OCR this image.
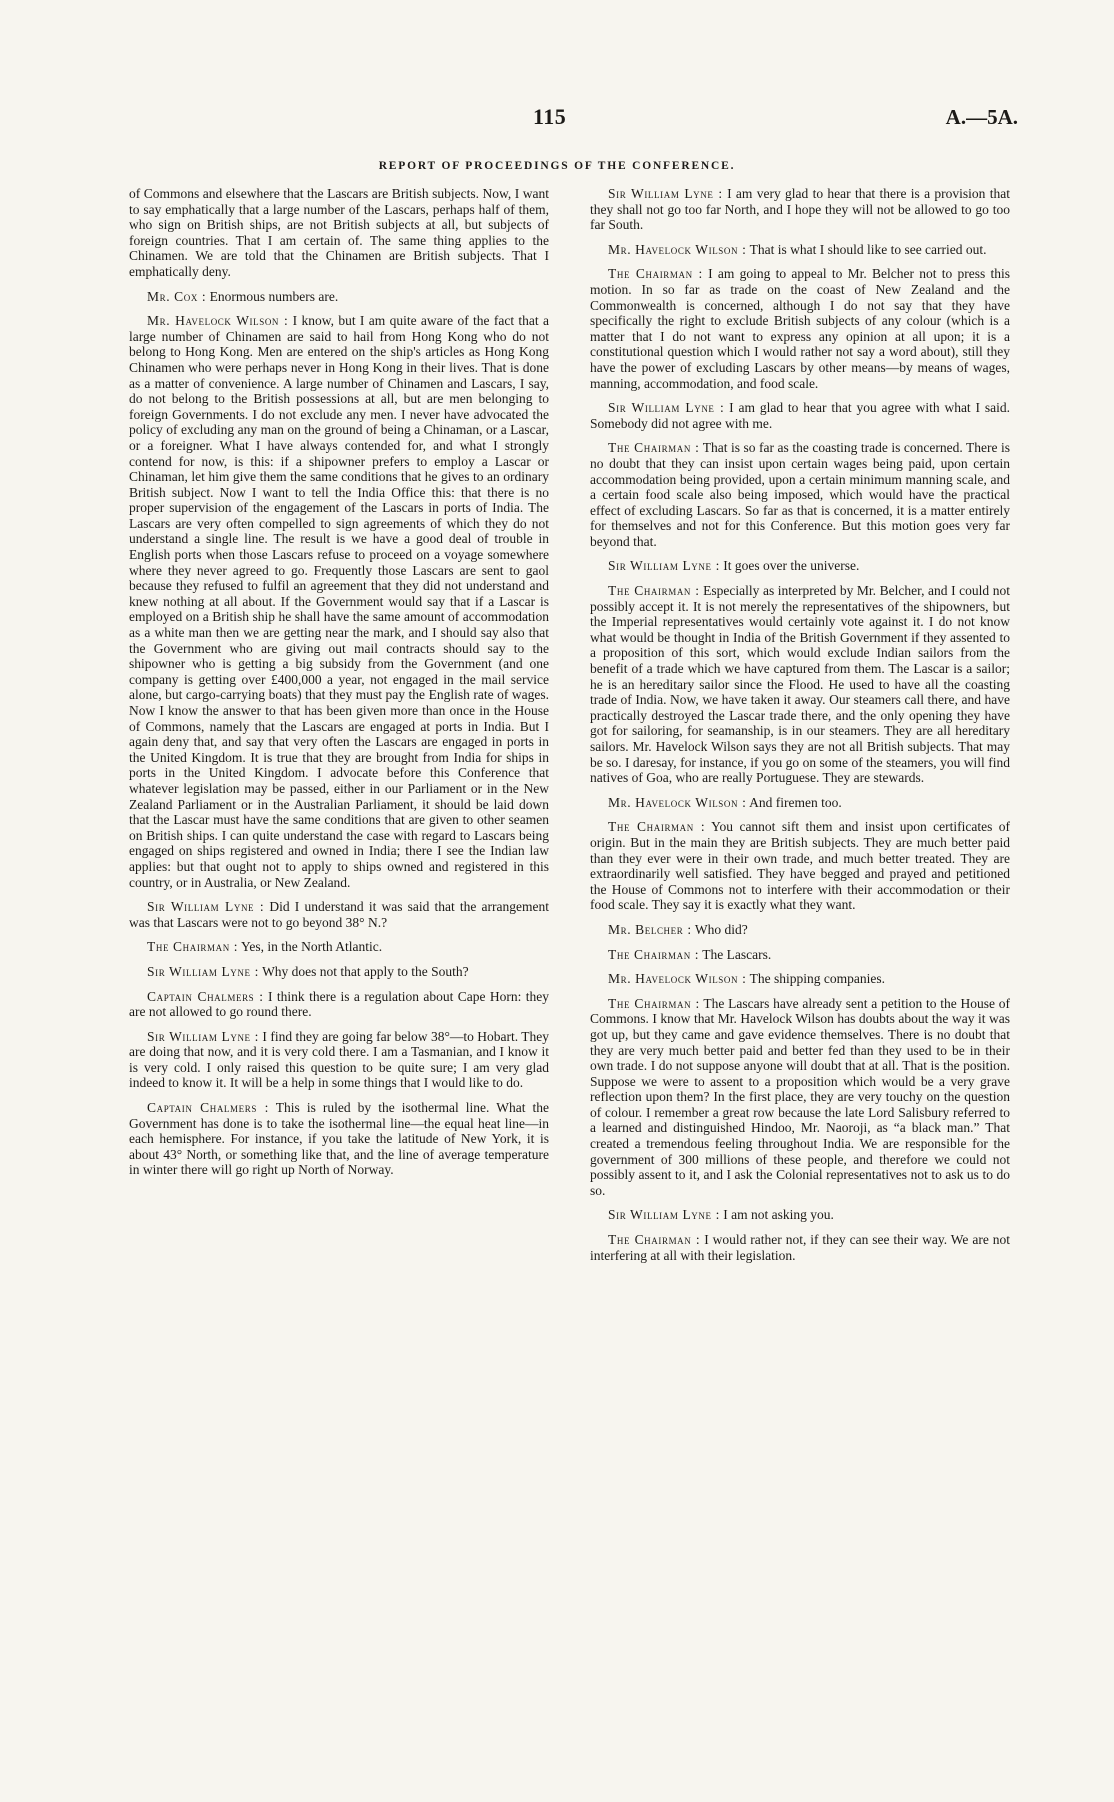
115	A.—5A.
REPORT OF PROCEEDINGS OF THE CONFERENCE.

of Commons and elsewhere that the Lascars are British subjects. Now, I want to say emphatically that a large number of the Lascars, perhaps half of them, who sign on British ships, are not British subjects at all, but subjects of foreign countries. That I am certain of. The same thing applies to the Chinamen. We are told that the Chinamen are British subjects. That I emphatically deny.

Mr. Cox : Enormous numbers are.

Mr. Havelock Wilson : I know, but I am quite aware of the fact that a large number of Chinamen are said to hail from Hong Kong who do not belong to Hong Kong. Men are entered on the ship's articles as Hong Kong Chinamen who were perhaps never in Hong Kong in their lives. That is done as a matter of convenience. A large number of Chinamen and Lascars, I say, do not belong to the British possessions at all, but are men belonging to foreign Governments. I do not exclude any men. I never have advocated the policy of excluding any man on the ground of being a Chinaman, or a Lascar, or a foreigner. What I have always contended for, and what I strongly contend for now, is this: if a shipowner prefers to employ a Lascar or Chinaman, let him give them the same conditions that he gives to an ordinary British subject. Now I want to tell the India Office this: that there is no proper supervision of the engagement of the Lascars in ports of India. The Lascars are very often compelled to sign agreements of which they do not understand a single line. The result is we have a good deal of trouble in English ports when those Lascars refuse to proceed on a voyage somewhere where they never agreed to go. Frequently those Lascars are sent to gaol because they refused to fulfil an agreement that they did not understand and knew nothing at all about. If the Government would say that if a Lascar is employed on a British ship he shall have the same amount of accommodation as a white man then we are getting near the mark, and I should say also that the Government who are giving out mail contracts should say to the shipowner who is getting a big subsidy from the Government (and one company is getting over £400,000 a year, not engaged in the mail service alone, but cargo-carrying boats) that they must pay the English rate of wages. Now I know the answer to that has been given more than once in the House of Commons, namely that the Lascars are engaged at ports in India. But I again deny that, and say that very often the Lascars are engaged in ports in the United Kingdom. It is true that they are brought from India for ships in ports in the United Kingdom. I advocate before this Conference that whatever legislation may be passed, either in our Parliament or in the New Zealand Parliament or in the Australian Parliament, it should be laid down that the Lascar must have the same conditions that are given to other seamen on British ships. I can quite understand the case with regard to Lascars being engaged on ships registered and owned in India; there I see the Indian law applies: but that ought not to apply to ships owned and registered in this country, or in Australia, or New Zealand.

Sir William Lyne : Did I understand it was said that the arrangement was that Lascars were not to go beyond 38° N.?

The Chairman : Yes, in the North Atlantic.

Sir William Lyne : Why does not that apply to the South?

Captain Chalmers : I think there is a regulation about Cape Horn: they are not allowed to go round there.

Sir William Lyne : I find they are going far below 38°—to Hobart. They are doing that now, and it is very cold there. I am a Tasmanian, and I know it is very cold. I only raised this question to be quite sure; I am very glad indeed to know it. It will be a help in some things that I would like to do.

Captain Chalmers : This is ruled by the isothermal line. What the Government has done is to take the isothermal line—the equal heat line—in each hemisphere. For instance, if you take the latitude of New York, it is about 43° North, or something like that, and the line of average temperature in winter there will go right up North of Norway.

Sir William Lyne : I am very glad to hear that there is a provision that they shall not go too far North, and I hope they will not be allowed to go too far South.

Mr. Havelock Wilson : That is what I should like to see carried out.

The Chairman : I am going to appeal to Mr. Belcher not to press this motion. In so far as trade on the coast of New Zealand and the Commonwealth is concerned, although I do not say that they have specifically the right to exclude British subjects of any colour (which is a matter that I do not want to express any opinion at all upon; it is a constitutional question which I would rather not say a word about), still they have the power of excluding Lascars by other means—by means of wages, manning, accommodation, and food scale.

Sir William Lyne : I am glad to hear that you agree with what I said. Somebody did not agree with me.

The Chairman : That is so far as the coasting trade is concerned. There is no doubt that they can insist upon certain wages being paid, upon certain accommodation being provided, upon a certain minimum manning scale, and a certain food scale also being imposed, which would have the practical effect of excluding Lascars. So far as that is concerned, it is a matter entirely for themselves and not for this Conference. But this motion goes very far beyond that.

Sir William Lyne : It goes over the universe.

The Chairman : Especially as interpreted by Mr. Belcher, and I could not possibly accept it. It is not merely the representatives of the shipowners, but the Imperial representatives would certainly vote against it. I do not know what would be thought in India of the British Government if they assented to a proposition of this sort, which would exclude Indian sailors from the benefit of a trade which we have captured from them. The Lascar is a sailor; he is an hereditary sailor since the Flood. He used to have all the coasting trade of India. Now, we have taken it away. Our steamers call there, and have practically destroyed the Lascar trade there, and the only opening they have got for sailoring, for seamanship, is in our steamers. They are all hereditary sailors. Mr. Havelock Wilson says they are not all British subjects. That may be so. I daresay, for instance, if you go on some of the steamers, you will find natives of Goa, who are really Portuguese. They are stewards.

Mr. Havelock Wilson : And firemen too.

The Chairman : You cannot sift them and insist upon certificates of origin. But in the main they are British subjects. They are much better paid than they ever were in their own trade, and much better treated. They are extraordinarily well satisfied. They have begged and prayed and petitioned the House of Commons not to interfere with their accommodation or their food scale. They say it is exactly what they want.

Mr. Belcher : Who did?

The Chairman : The Lascars.

Mr. Havelock Wilson : The shipping companies.

The Chairman : The Lascars have already sent a petition to the House of Commons. I know that Mr. Havelock Wilson has doubts about the way it was got up, but they came and gave evidence themselves. There is no doubt that they are very much better paid and better fed than they used to be in their own trade. I do not suppose anyone will doubt that at all. That is the position. Suppose we were to assent to a proposition which would be a very grave reflection upon them? In the first place, they are very touchy on the question of colour. I remember a great row because the late Lord Salisbury referred to a learned and distinguished Hindoo, Mr. Naoroji, as “a black man.” That created a tremendous feeling throughout India. We are responsible for the government of 300 millions of these people, and therefore we could not possibly assent to it, and I ask the Colonial representatives not to ask us to do so.

Sir William Lyne : I am not asking you.

The Chairman : I would rather not, if they can see their way. We are not interfering at all with their legislation.
